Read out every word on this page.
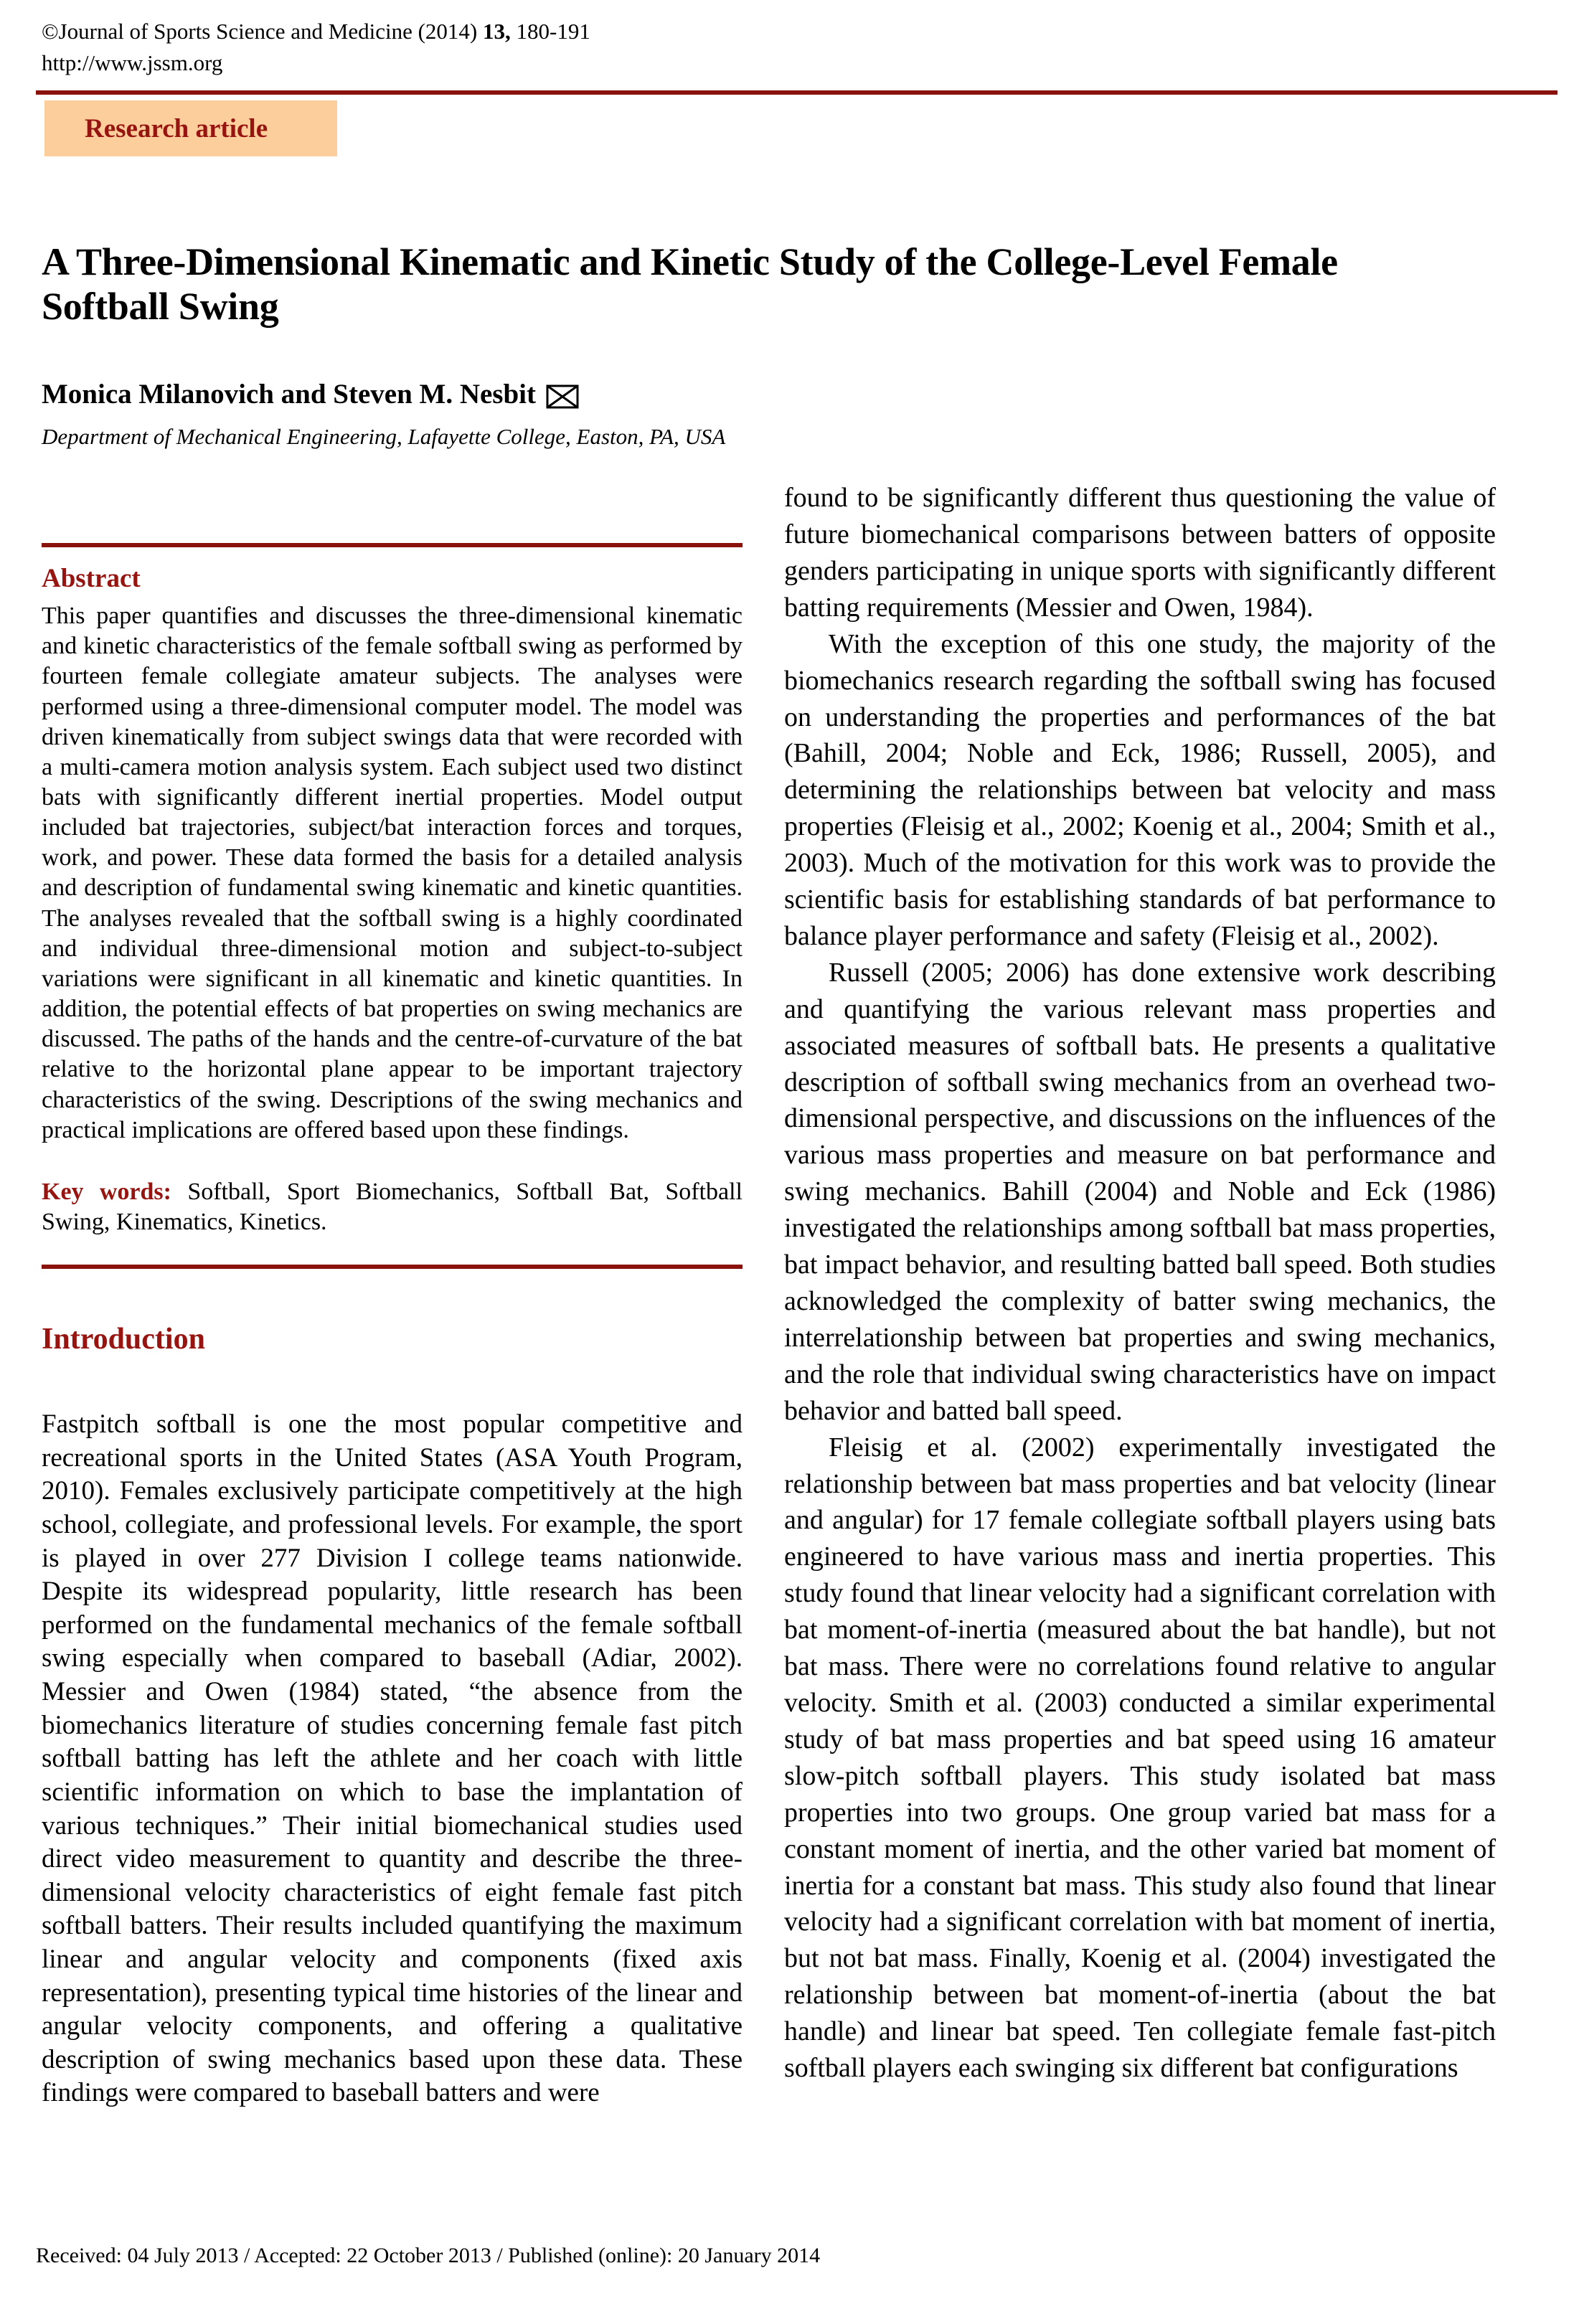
©Journal of Sports Science and Medicine (2014) 13, 180-191
http://www.jssm.org
Research article
A Three-Dimensional Kinematic and Kinetic Study of the College-Level Female
Softball Swing
Monica Milanovich and Steven M. Nesbit
Department of Mechanical Engineering, Lafayette College, Easton, PA, USA
Abstract

This paper quantifies and discusses the three-dimensional kinematic and kinetic characteristics of the female softball swing as performed by fourteen female collegiate amateur subjects. The analyses were performed using a three-dimensional computer model. The model was driven kinematically from subject swings data that were recorded with a multi-camera motion analysis system. Each subject used two distinct bats with significantly different inertial properties. Model output included bat trajectories, subject/bat interaction forces and torques, work, and power. These data formed the basis for a detailed analysis and description of fundamental swing kinematic and kinetic quantities. The analyses revealed that the softball swing is a highly coordinated and individual three-dimensional motion and subject-to-subject variations were significant in all kinematic and kinetic quantities. In addition, the potential effects of bat properties on swing mechanics are discussed. The paths of the hands and the centre-of-curvature of the bat relative to the horizontal plane appear to be important trajectory characteristics of the swing. Descriptions of the swing mechanics and practical implications are offered based upon these findings.

Key words: Softball, Sport Biomechanics, Softball Bat, Softball Swing, Kinematics, Kinetics.

Introduction

Fastpitch softball is one the most popular competitive and recreational sports in the United States (ASA Youth Program, 2010). Females exclusively participate competitively at the high school, collegiate, and professional levels. For example, the sport is played in over 277 Division I college teams nationwide. Despite its widespread popularity, little research has been performed on the fundamental mechanics of the female softball swing especially when compared to baseball (Adiar, 2002). Messier and Owen (1984) stated, “the absence from the biomechanics literature of studies concerning female fast pitch softball batting has left the athlete and her coach with little scientific information on which to base the implantation of various techniques.” Their initial biomechanical studies used direct video measurement to quantity and describe the three-dimensional velocity characteristics of eight female fast pitch softball batters. Their results included quantifying the maximum linear and angular velocity and components (fixed axis representation), presenting typical time histories of the linear and angular velocity components, and offering a qualitative description of swing mechanics based upon these data. These findings were compared to baseball batters and were

found to be significantly different thus questioning the value of future biomechanical comparisons between batters of opposite genders participating in unique sports with significantly different batting requirements (Messier and Owen, 1984).

With the exception of this one study, the majority of the biomechanics research regarding the softball swing has focused on understanding the properties and performances of the bat (Bahill, 2004; Noble and Eck, 1986; Russell, 2005), and determining the relationships between bat velocity and mass properties (Fleisig et al., 2002; Koenig et al., 2004; Smith et al., 2003). Much of the motivation for this work was to provide the scientific basis for establishing standards of bat performance to balance player performance and safety (Fleisig et al., 2002).

Russell (2005; 2006) has done extensive work describing and quantifying the various relevant mass properties and associated measures of softball bats. He presents a qualitative description of softball swing mechanics from an overhead two-dimensional perspective, and discussions on the influences of the various mass properties and measure on bat performance and swing mechanics. Bahill (2004) and Noble and Eck (1986) investigated the relationships among softball bat mass properties, bat impact behavior, and resulting batted ball speed. Both studies acknowledged the complexity of batter swing mechanics, the interrelationship between bat properties and swing mechanics, and the role that individual swing characteristics have on impact behavior and batted ball speed.

Fleisig et al. (2002) experimentally investigated the relationship between bat mass properties and bat velocity (linear and angular) for 17 female collegiate softball players using bats engineered to have various mass and inertia properties. This study found that linear velocity had a significant correlation with bat moment-of-inertia (measured about the bat handle), but not bat mass. There were no correlations found relative to angular velocity. Smith et al. (2003) conducted a similar experimental study of bat mass properties and bat speed using 16 amateur slow-pitch softball players. This study isolated bat mass properties into two groups. One group varied bat mass for a constant moment of inertia, and the other varied bat moment of inertia for a constant bat mass. This study also found that linear velocity had a significant correlation with bat moment of inertia, but not bat mass. Finally, Koenig et al. (2004) investigated the relationship between bat moment-of-inertia (about the bat handle) and linear bat speed. Ten collegiate female fast-pitch softball players each swinging six different bat configurations

Received: 04 July 2013 / Accepted: 22 October 2013 / Published (online): 20 January 2014
